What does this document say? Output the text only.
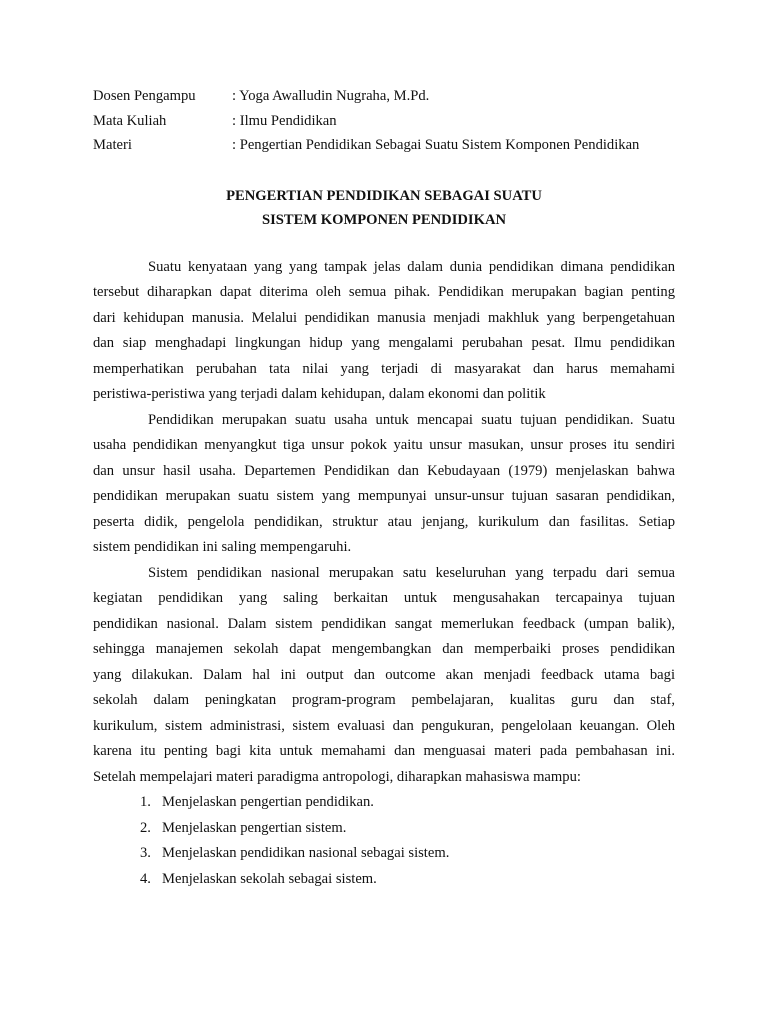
Dosen Pengampu	: Yoga Awalludin Nugraha, M.Pd.
Mata Kuliah	: Ilmu Pendidikan
Materi	: Pengertian Pendidikan Sebagai Suatu Sistem Komponen Pendidikan
PENGERTIAN PENDIDIKAN SEBAGAI SUATU
SISTEM KOMPONEN PENDIDIKAN

Suatu kenyataan yang yang tampak jelas dalam dunia pendidikan dimana pendidikan
tersebut diharapkan dapat diterima oleh semua pihak. Pendidikan merupakan bagian penting
dari kehidupan manusia. Melalui pendidikan manusia menjadi makhluk yang berpengetahuan
dan siap menghadapi lingkungan hidup yang mengalami perubahan pesat. Ilmu pendidikan
memperhatikan perubahan tata nilai yang terjadi di masyarakat dan harus memahami
peristiwa-peristiwa yang terjadi dalam kehidupan, dalam ekonomi dan politik

Pendidikan merupakan suatu usaha untuk mencapai suatu tujuan pendidikan. Suatu
usaha pendidikan menyangkut tiga unsur pokok yaitu unsur masukan, unsur proses itu sendiri
dan unsur hasil usaha. Departemen Pendidikan dan Kebudayaan (1979) menjelaskan bahwa
pendidikan merupakan suatu sistem yang mempunyai unsur-unsur tujuan sasaran pendidikan,
peserta didik, pengelola pendidikan, struktur atau jenjang, kurikulum dan fasilitas. Setiap
sistem pendidikan ini saling mempengaruhi.

Sistem pendidikan nasional merupakan satu keseluruhan yang terpadu dari semua
kegiatan pendidikan yang saling berkaitan untuk mengusahakan tercapainya tujuan
pendidikan nasional. Dalam sistem pendidikan sangat memerlukan feedback (umpan balik),
sehingga manajemen sekolah dapat mengembangkan dan memperbaiki proses pendidikan
yang dilakukan. Dalam hal ini output dan outcome akan menjadi feedback utama bagi
sekolah dalam peningkatan program-program pembelajaran, kualitas guru dan staf,
kurikulum, sistem administrasi, sistem evaluasi dan pengukuran, pengelolaan keuangan. Oleh
karena itu penting bagi kita untuk memahami dan menguasai materi pada pembahasan ini.
Setelah mempelajari materi paradigma antropologi, diharapkan mahasiswa mampu:

1. Menjelaskan pengertian pendidikan.
2. Menjelaskan pengertian sistem.
3. Menjelaskan pendidikan nasional sebagai sistem.
4. Menjelaskan sekolah sebagai sistem.
